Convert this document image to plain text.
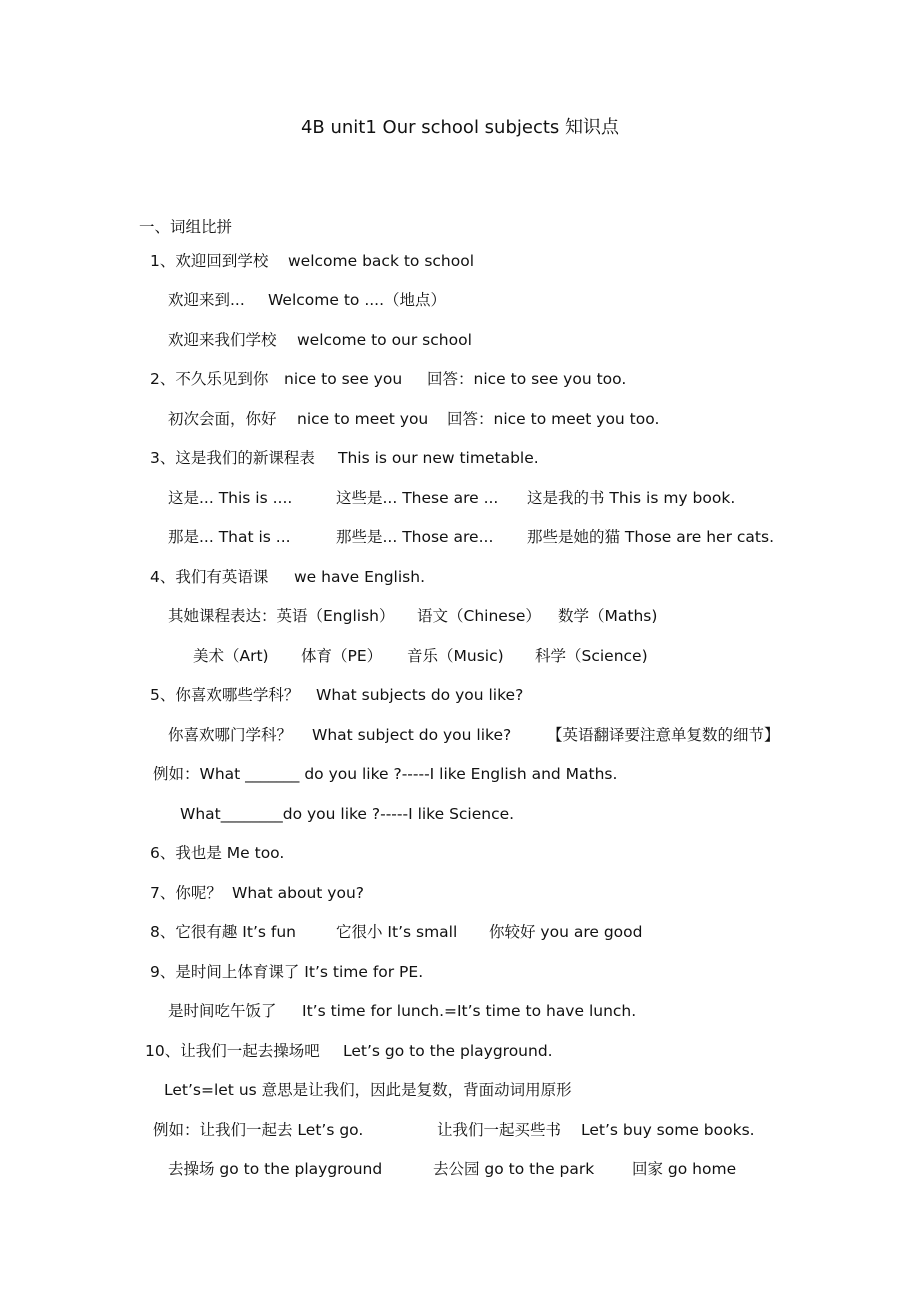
4B unit1 Our school subjects 知识点
一、词组比拼
1、欢迎回到学校 welcome back to school
欢迎来到... Welcome to ....（地点）
欢迎来我们学校 welcome to our school
2、不久乐见到你 nice to see you 回答：nice to see you too.
初次会面，你好 nice to meet you 回答：nice to meet you too.
3、这是我们的新课程表 This is our new timetable.
这是... This is ....	这些是... These are ... 这是我的书 This is my book.
那是... That is ...	那些是... Those are... 那些是她的猫 Those are her cats.
4、我们有英语课 we have English.
其她课程表达：英语（English） 语文（Chinese） 数学（Maths)
美术（Art) 体育（PE） 音乐（Music) 科学（Science)
5、你喜欢哪些学科？ What subjects do you like?
你喜欢哪门学科？ What subject do you like? 【英语翻译要注意单复数的细节】
例如：What _______ do you like ?-----I like English and Maths.
What________do you like ?-----I like Science.
6、我也是 Me too.
7、你呢？ What about you?
8、它很有趣 It’s fun	它很小 It’s small 你较好 you are good
9、是时间上体育课了 It’s time for PE.
是时间吃午饭了 It’s time for lunch.=It’s time to have lunch.
10、让我们一起去操场吧 Let’s go to the playground.
Let’s=let us 意思是让我们，因此是复数，背面动词用原形
例如：让我们一起去 Let’s go.	让我们一起买些书 Let’s buy some books.
去操场 go to the playground	去公园 go to the park 回家 go home
